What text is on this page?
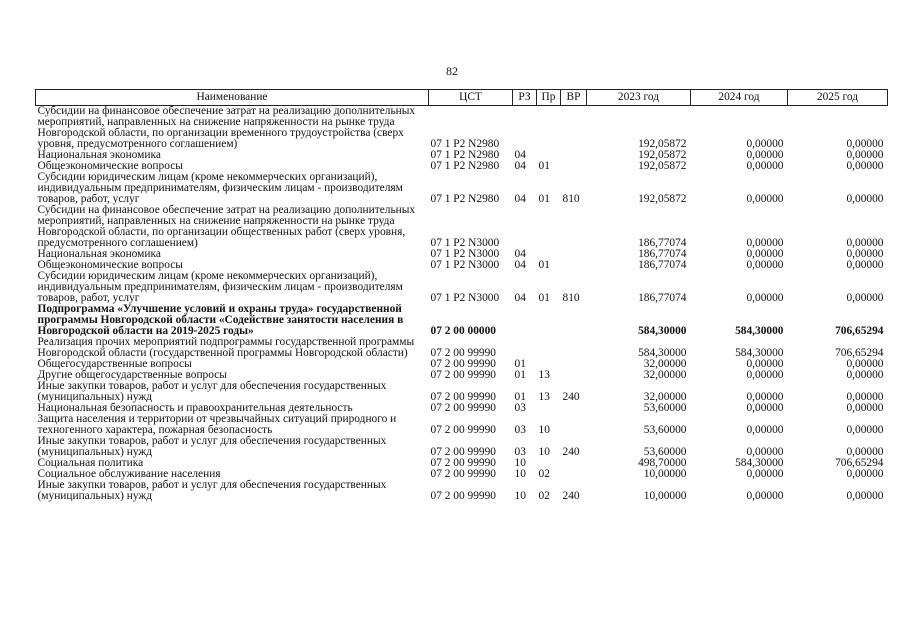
82
Наименование	ЦСТ	РЗ	Пр	ВР	2023 год	2024 год	2025 год
Субсидии на финансовое обеспечение затрат на реализацию дополнительных мероприятий, направленных на снижение напряженности на рынке труда Новгородской области, по организации временного трудоустройства (сверх уровня, предусмотренного соглашением)	07 1 Р2 N2980				192,05872	0,00000	0,00000
Национальная экономика	07 1 Р2 N2980	04			192,05872	0,00000	0,00000
Общеэкономические вопросы	07 1 Р2 N2980	04	01		192,05872	0,00000	0,00000
Субсидии юридическим лицам (кроме некоммерческих организаций), индивидуальным предпринимателям, физическим лицам - производителям товаров, работ, услуг	07 1 Р2 N2980	04	01	810	192,05872	0,00000	0,00000
Субсидии на финансовое обеспечение затрат на реализацию дополнительных мероприятий, направленных на снижение напряженности на рынке труда Новгородской области, по организации общественных работ (сверх уровня, предусмотренного соглашением)	07 1 Р2 N3000				186,77074	0,00000	0,00000
Национальная экономика	07 1 Р2 N3000	04			186,77074	0,00000	0,00000
Общеэкономические вопросы	07 1 Р2 N3000	04	01		186,77074	0,00000	0,00000
Субсидии юридическим лицам (кроме некоммерческих организаций), индивидуальным предпринимателям, физическим лицам - производителям товаров, работ, услуг	07 1 Р2 N3000	04	01	810	186,77074	0,00000	0,00000
Подпрограмма «Улучшение условий и охраны труда» государственной программы Новгородской области «Содействие занятости населения в Новгородской области на 2019-2025 годы»	07 2 00 00000				584,30000	584,30000	706,65294
Реализация прочих мероприятий подпрограммы государственной программы Новгородской области (государственной программы Новгородской области)	07 2 00 99990				584,30000	584,30000	706,65294
Общегосударственные вопросы	07 2 00 99990	01			32,00000	0,00000	0,00000
Другие общегосударственные вопросы	07 2 00 99990	01	13		32,00000	0,00000	0,00000
Иные закупки товаров, работ и услуг для обеспечения государственных (муниципальных) нужд	07 2 00 99990	01	13	240	32,00000	0,00000	0,00000
Национальная безопасность и правоохранительная деятельность	07 2 00 99990	03			53,60000	0,00000	0,00000
Защита населения и территории от чрезвычайных ситуаций природного и техногенного характера, пожарная безопасность	07 2 00 99990	03	10		53,60000	0,00000	0,00000
Иные закупки товаров, работ и услуг для обеспечения государственных (муниципальных) нужд	07 2 00 99990	03	10	240	53,60000	0,00000	0,00000
Социальная политика	07 2 00 99990	10			498,70000	584,30000	706,65294
Социальное обслуживание населения	07 2 00 99990	10	02		10,00000	0,00000	0,00000
Иные закупки товаров, работ и услуг для обеспечения государственных (муниципальных) нужд	07 2 00 99990	10	02	240	10,00000	0,00000	0,00000
